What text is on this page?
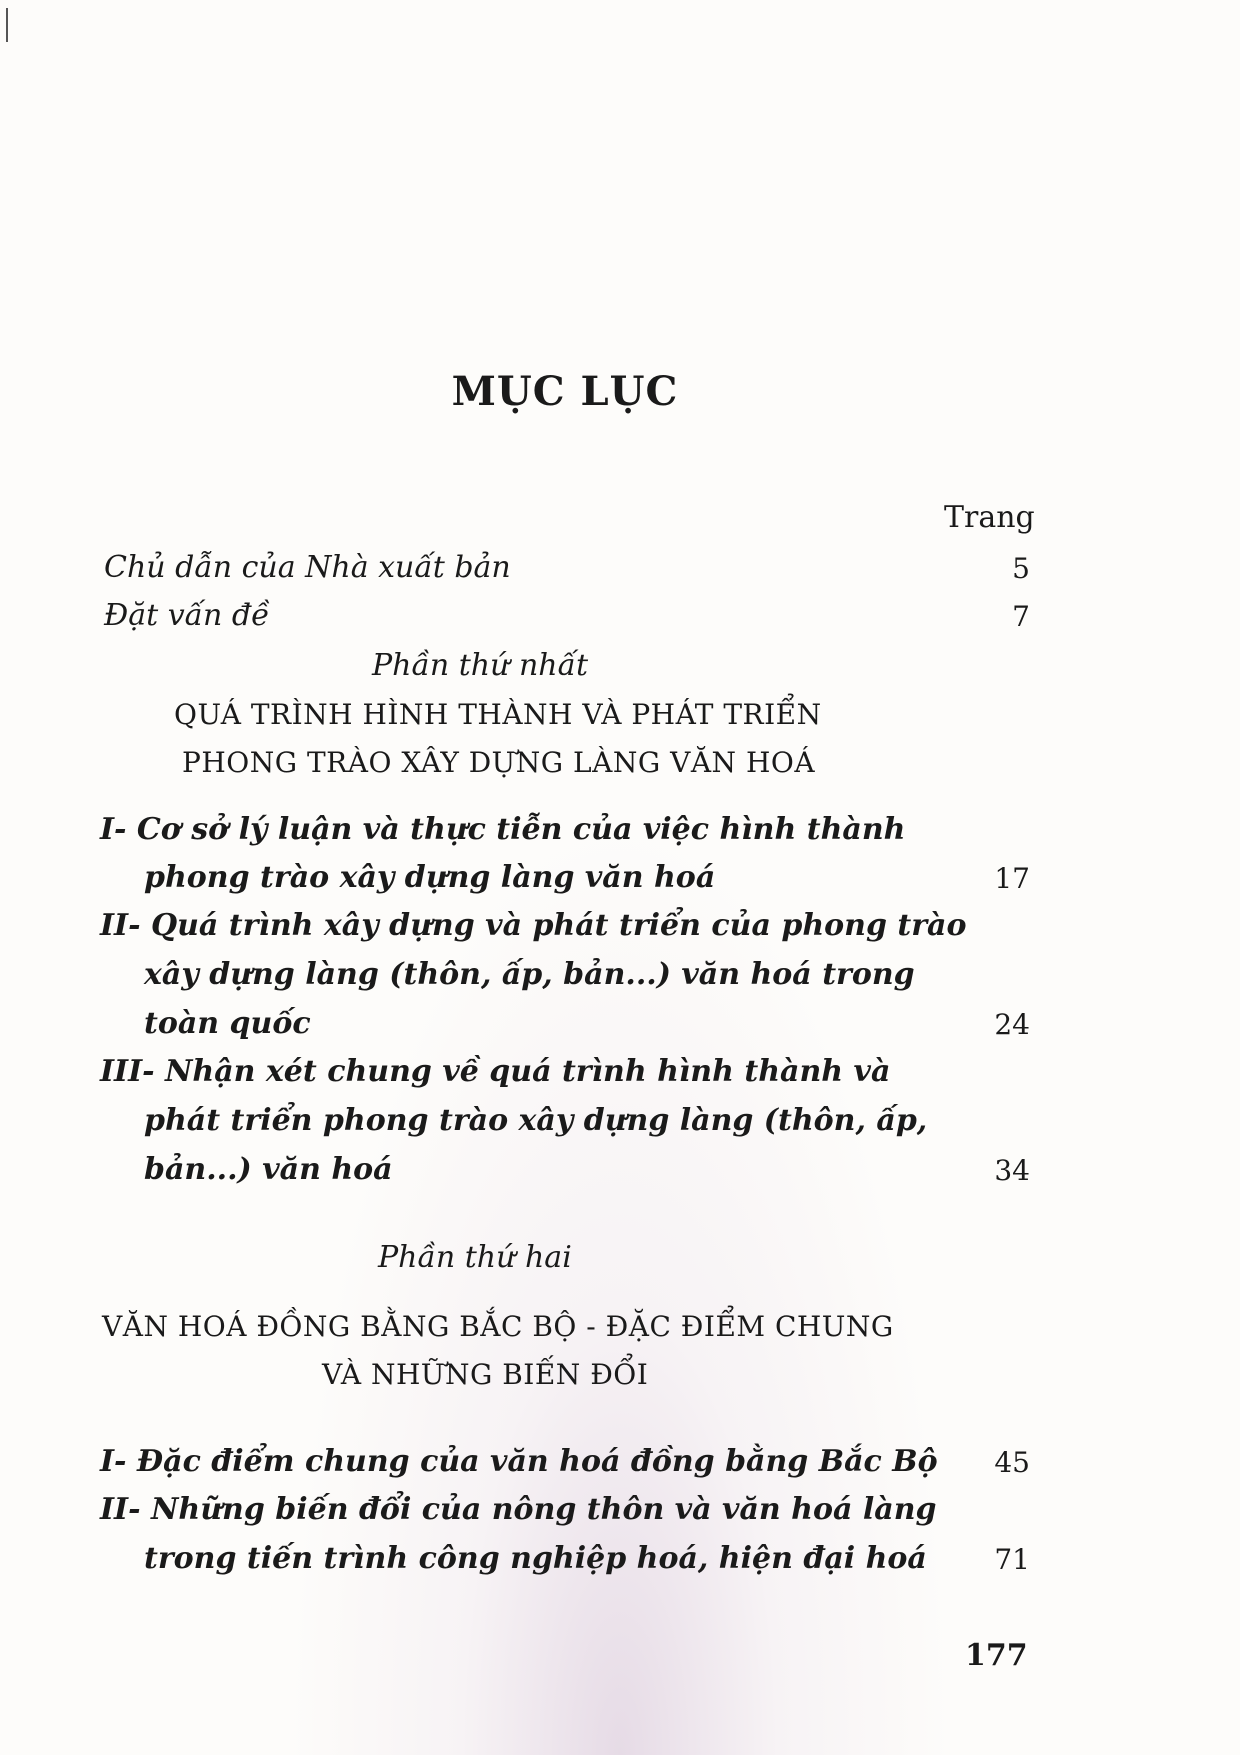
MỤC LỤC
Trang
Chủ dẫn của Nhà xuất bản	5
Đặt vấn đề	7
Phần thứ nhất
QUÁ TRÌNH HÌNH THÀNH VÀ PHÁT TRIỂN
PHONG TRÀO XÂY DỰNG LÀNG VĂN HOÁ
I- Cơ sở lý luận và thực tiễn của việc hình thành
phong trào xây dựng làng văn hoá	17
II- Quá trình xây dựng và phát triển của phong trào
xây dựng làng (thôn, ấp, bản...) văn hoá trong
toàn quốc	24
III- Nhận xét chung về quá trình hình thành và
phát triển phong trào xây dựng làng (thôn, ấp,
bản...) văn hoá	34
Phần thứ hai
VĂN HOÁ ĐỒNG BẰNG BẮC BỘ - ĐẶC ĐIỂM CHUNG
VÀ NHỮNG BIẾN ĐỔI
I- Đặc điểm chung của văn hoá đồng bằng Bắc Bộ	45
II- Những biến đổi của nông thôn và văn hoá làng
trong tiến trình công nghiệp hoá, hiện đại hoá	71
177
